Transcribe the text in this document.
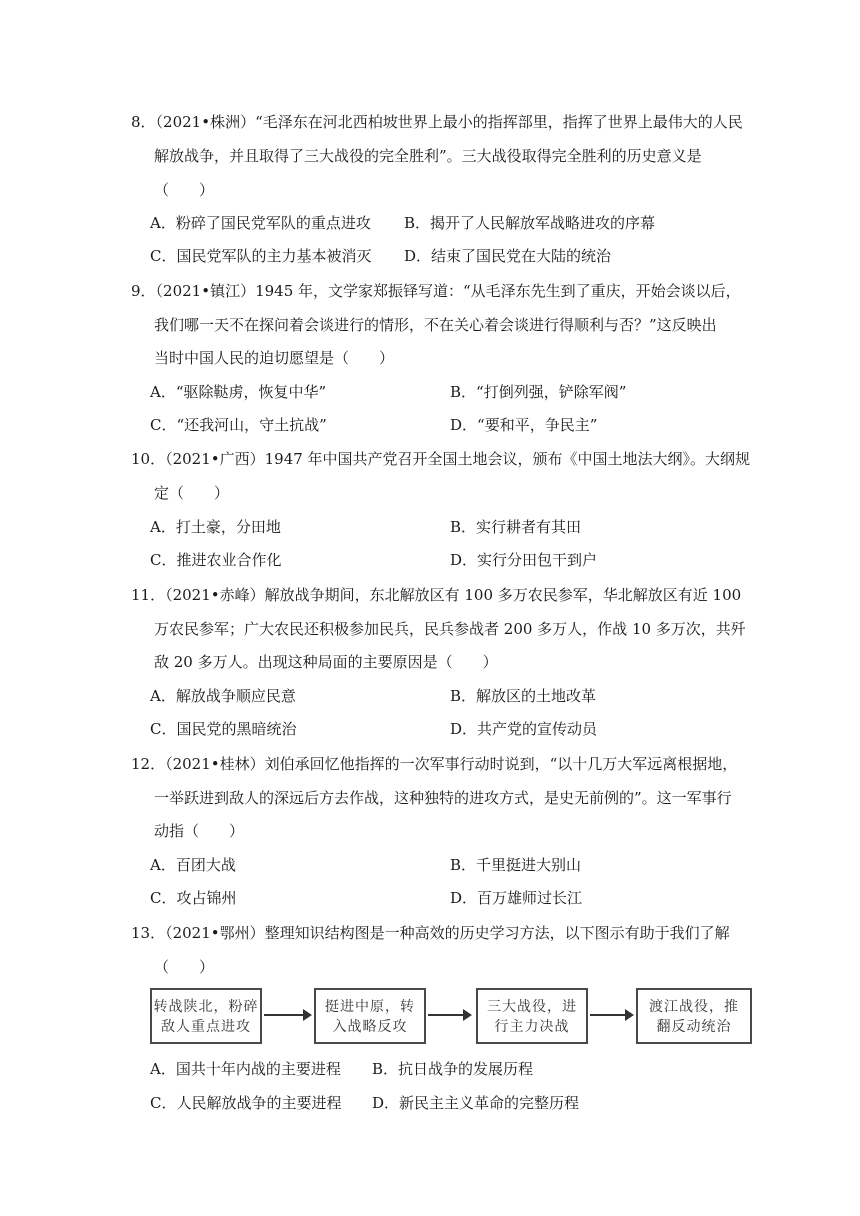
8．（2021•株洲）“毛泽东在河北西柏坡世界上最小的指挥部里，指挥了世界上最伟大的人民
解放战争，并且取得了三大战役的完全胜利”。三大战役取得完全胜利的历史意义是
（　　）
A．粉碎了国民党军队的重点进攻 B．揭开了人民解放军战略进攻的序幕
C．国民党军队的主力基本被消灭 D．结束了国民党在大陆的统治
9．（2021•镇江）1945 年，文学家郑振铎写道：“从毛泽东先生到了重庆，开始会谈以后，
我们哪一天不在探问着会谈进行的情形，不在关心着会谈进行得顺利与否？”这反映出
当时中国人民的迫切愿望是（　　）
A．“驱除鞑虏，恢复中华”	B．“打倒列强，铲除军阀”
C．“还我河山，守土抗战”	D．“要和平，争民主”
10．（2021•广西）1947 年中国共产党召开全国土地会议，颁布《中国土地法大纲》。大纲规
定（　　）
A．打土豪，分田地	B．实行耕者有其田
C．推进农业合作化	D．实行分田包干到户
11．（2021•赤峰）解放战争期间，东北解放区有 100 多万农民参军，华北解放区有近 100
万农民参军；广大农民还积极参加民兵，民兵参战者 200 多万人，作战 10 多万次，共歼
敌 20 多万人。出现这种局面的主要原因是（　　）
A．解放战争顺应民意	B．解放区的土地改革
C．国民党的黑暗统治	D．共产党的宣传动员
12．（2021•桂林）刘伯承回忆他指挥的一次军事行动时说到，“以十几万大军远离根据地，
一举跃进到敌人的深远后方去作战，这种独特的进攻方式，是史无前例的”。这一军事行
动指（　　）
A．百团大战	B．千里挺进大别山
C．攻占锦州	D．百万雄师过长江
13．（2021•鄂州）整理知识结构图是一种高效的历史学习方法，以下图示有助于我们了解
（　　）
转战陕北，粉碎
敌人重点进攻
挺进中原，转
入战略反攻
三大战役，进
行主力决战
渡江战役，推
翻反动统治
A．国共十年内战的主要进程 B．抗日战争的发展历程
C．人民解放战争的主要进程 D．新民主主义革命的完整历程
